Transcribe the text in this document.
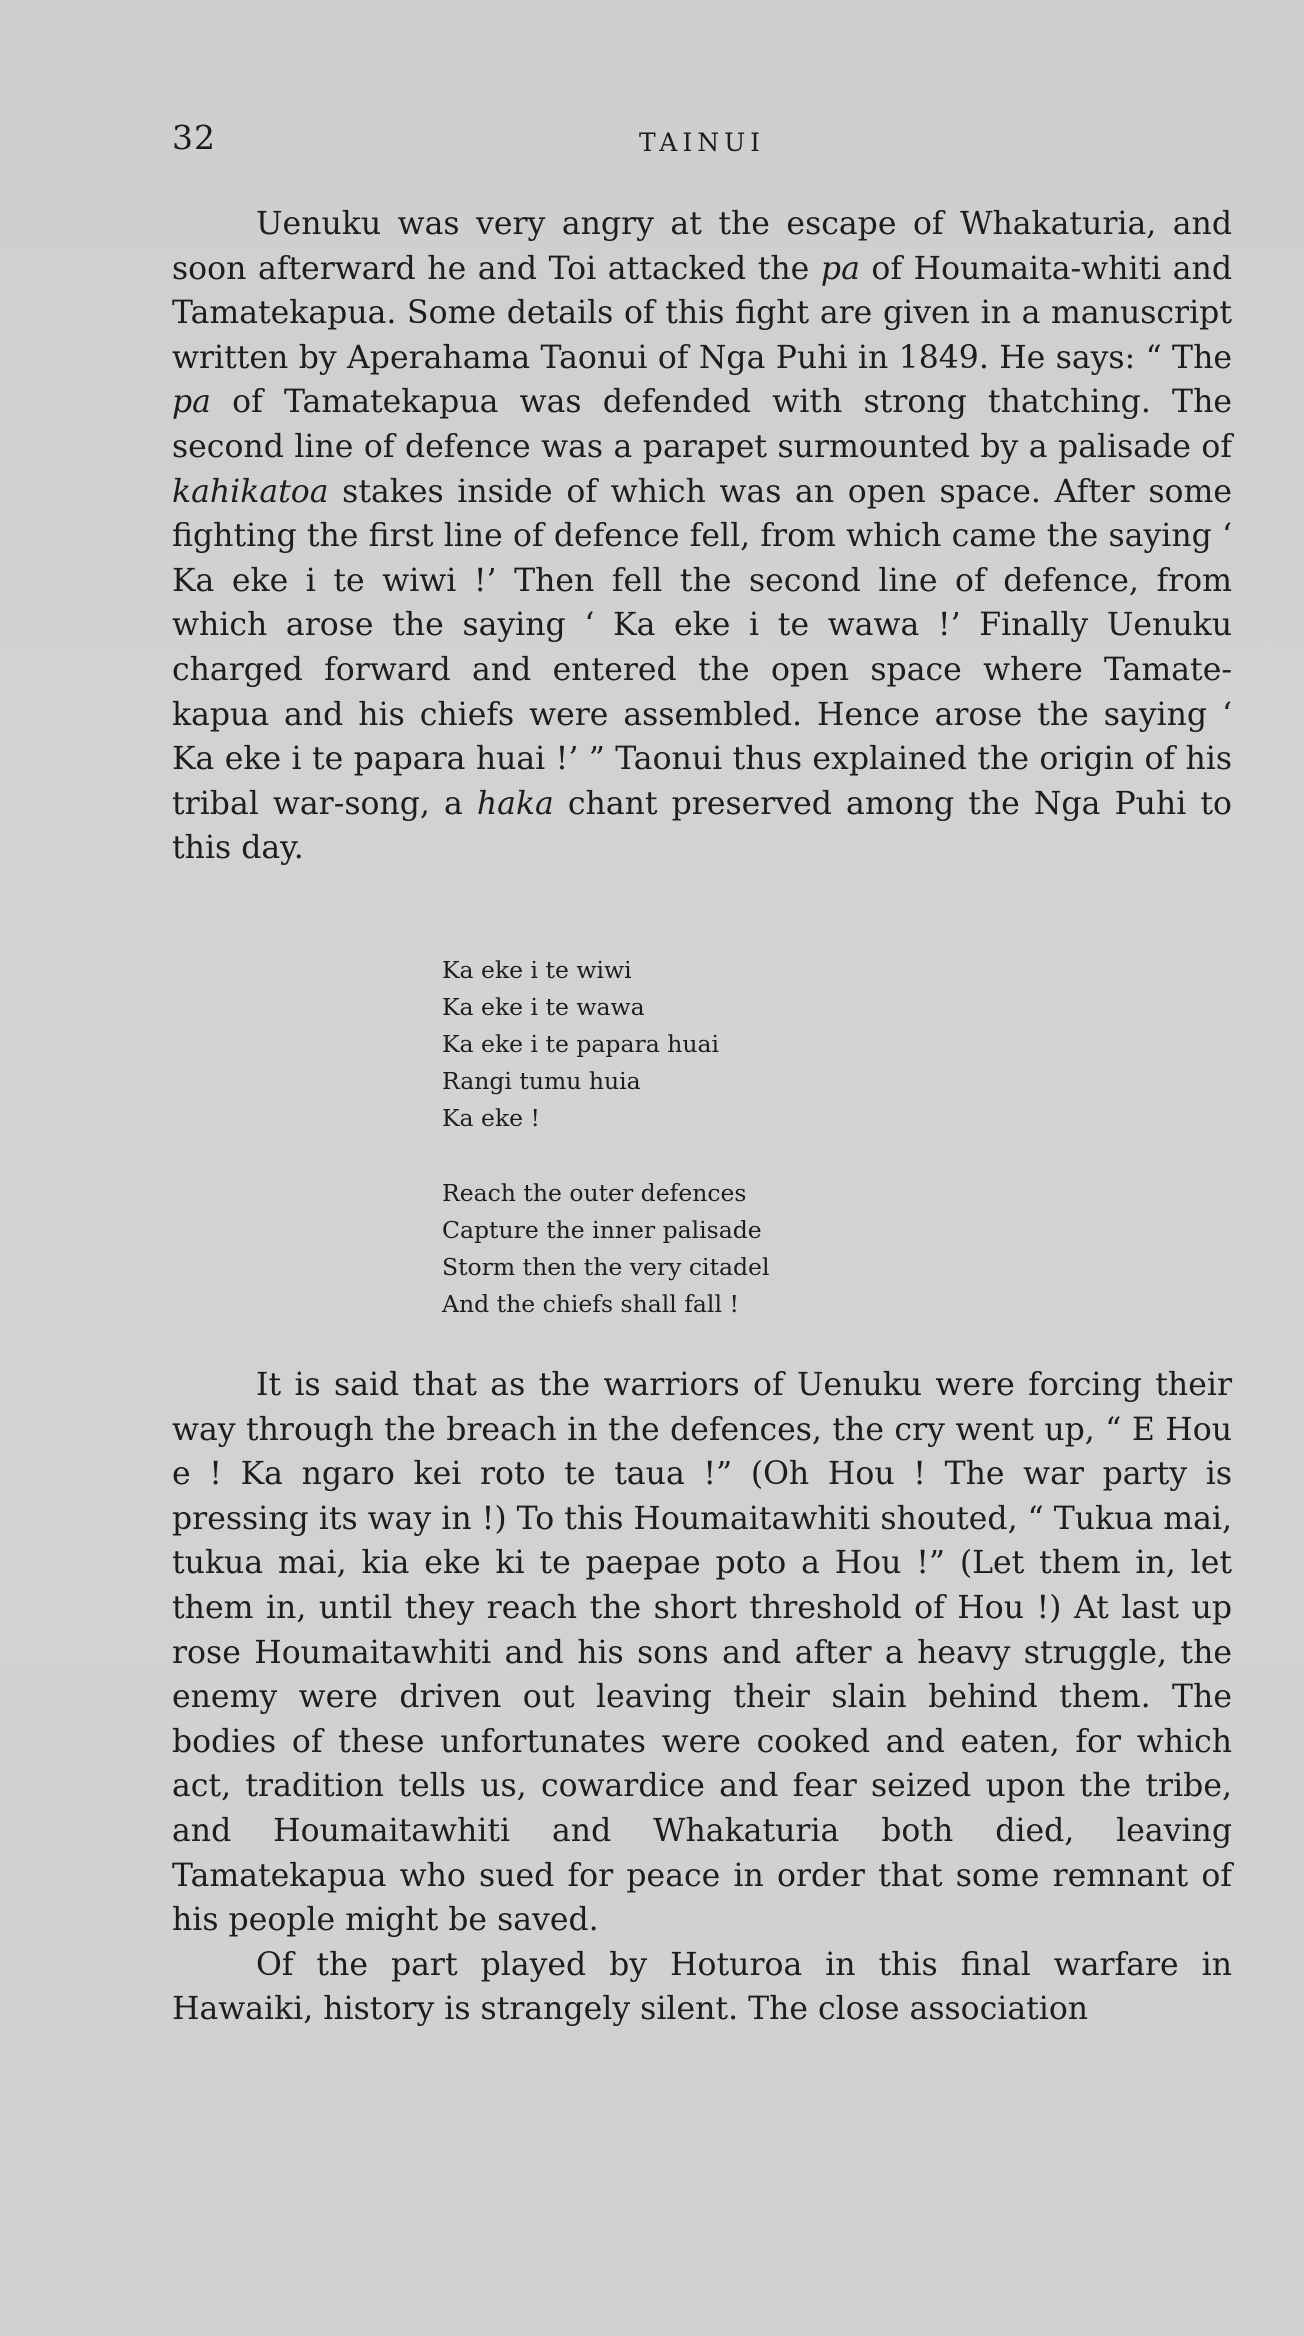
32	TAINUI

Uenuku was very angry at the escape of Whakaturia, and soon afterward he and Toi attacked the pa of Houmaita-whiti and Tamatekapua. Some details of this fight are given in a manuscript written by Aperahama Taonui of Nga Puhi in 1849. He says: “ The pa of Tamatekapua was defended with strong thatching. The second line of defence was a parapet surmounted by a palisade of kahikatoa stakes inside of which was an open space. After some fighting the first line of defence fell, from which came the saying ‘ Ka eke i te wiwi !’ Then fell the second line of defence, from which arose the saying ‘ Ka eke i te wawa !’ Finally Uenuku charged forward and entered the open space where Tamate-kapua and his chiefs were assembled. Hence arose the saying ‘ Ka eke i te papara huai !’ ” Taonui thus explained the origin of his tribal war-song, a haka chant preserved among the Nga Puhi to this day.

Ka eke i te wiwi
Ka eke i te wawa
Ka eke i te papara huai
Rangi tumu huia
Ka eke !
Reach the outer defences
Capture the inner palisade
Storm then the very citadel
And the chiefs shall fall !

It is said that as the warriors of Uenuku were forcing their way through the breach in the defences, the cry went up, “ E Hou e ! Ka ngaro kei roto te taua !” (Oh Hou ! The war party is pressing its way in !) To this Houmaitawhiti shouted, “ Tukua mai, tukua mai, kia eke ki te paepae poto a Hou !” (Let them in, let them in, until they reach the short threshold of Hou !) At last up rose Houmaitawhiti and his sons and after a heavy struggle, the enemy were driven out leaving their slain behind them. The bodies of these unfortunates were cooked and eaten, for which act, tradition tells us, cowardice and fear seized upon the tribe, and Houmaitawhiti and Whakaturia both died, leaving Tamatekapua who sued for peace in order that some remnant of his people might be saved.

Of the part played by Hoturoa in this final warfare in Hawaiki, history is strangely silent. The close association
